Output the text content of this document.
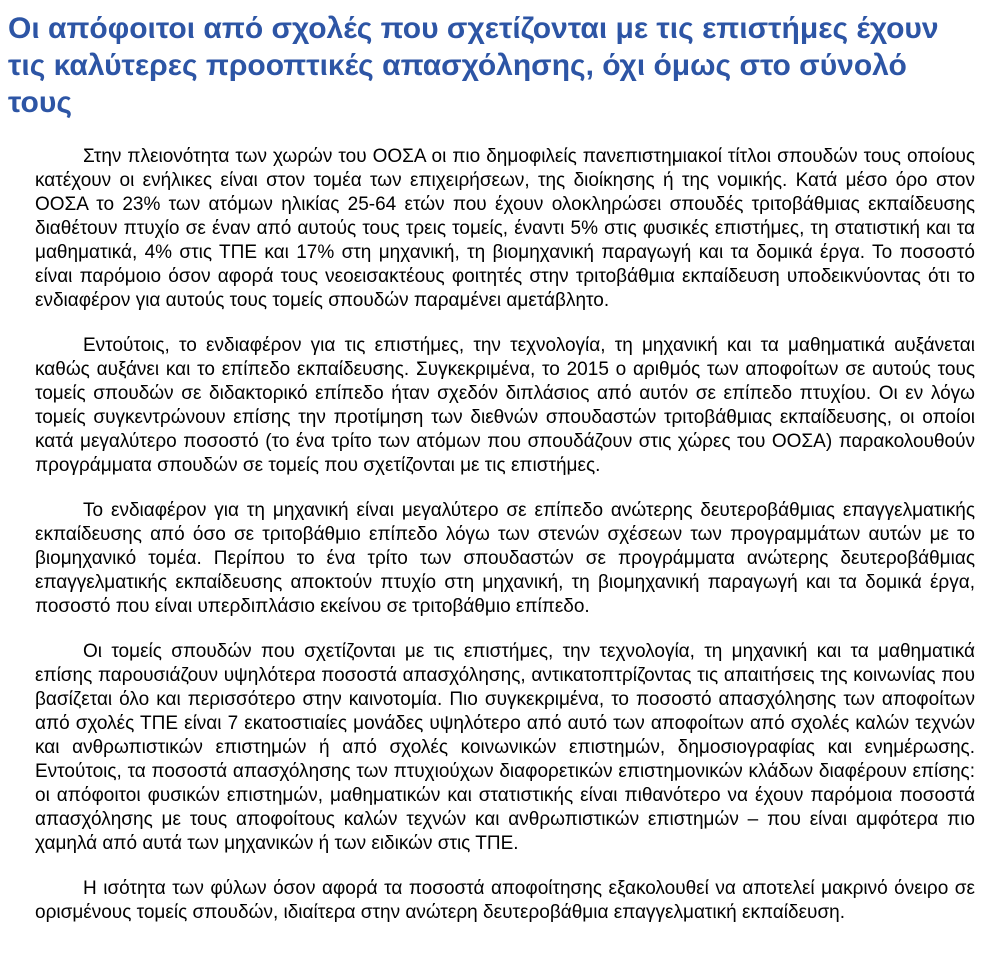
Οι απόφοιτοι από σχολές που σχετίζονται με τις επιστήμες έχουν τις καλύτερες προοπτικές απασχόλησης, όχι όμως στο σύνολό τους

Στην πλειονότητα των χωρών του ΟΟΣΑ οι πιο δημοφιλείς πανεπιστημιακοί τίτλοι σπουδών τους οποίους κατέχουν οι ενήλικες είναι στον τομέα των επιχειρήσεων, της διοίκησης ή της νομικής. Κατά μέσο όρο στον ΟΟΣΑ το 23% των ατόμων ηλικίας 25-64 ετών που έχουν ολοκληρώσει σπουδές τριτοβάθμιας εκπαίδευσης διαθέτουν πτυχίο σε έναν από αυτούς τους τρεις τομείς, έναντι 5% στις φυσικές επιστήμες, τη στατιστική και τα μαθηματικά, 4% στις ΤΠΕ και 17% στη μηχανική, τη βιομηχανική παραγωγή και τα δομικά έργα. Το ποσοστό είναι παρόμοιο όσον αφορά τους νεοεισακτέους φοιτητές στην τριτοβάθμια εκπαίδευση υποδεικνύοντας ότι το ενδιαφέρον για αυτούς τους τομείς σπουδών παραμένει αμετάβλητο.

Εντούτοις, το ενδιαφέρον για τις επιστήμες, την τεχνολογία, τη μηχανική και τα μαθηματικά αυξάνεται καθώς αυξάνει και το επίπεδο εκπαίδευσης. Συγκεκριμένα, το 2015 ο αριθμός των αποφοίτων σε αυτούς τους τομείς σπουδών σε διδακτορικό επίπεδο ήταν σχεδόν διπλάσιος από αυτόν σε επίπεδο πτυχίου. Οι εν λόγω τομείς συγκεντρώνουν επίσης την προτίμηση των διεθνών σπουδαστών τριτοβάθμιας εκπαίδευσης, οι οποίοι κατά μεγαλύτερο ποσοστό (το ένα τρίτο των ατόμων που σπουδάζουν στις χώρες του ΟΟΣΑ) παρακολουθούν προγράμματα σπουδών σε τομείς που σχετίζονται με τις επιστήμες.

Το ενδιαφέρον για τη μηχανική είναι μεγαλύτερο σε επίπεδο ανώτερης δευτεροβάθμιας επαγγελματικής εκπαίδευσης από όσο σε τριτοβάθμιο επίπεδο λόγω των στενών σχέσεων των προγραμμάτων αυτών με το βιομηχανικό τομέα. Περίπου το ένα τρίτο των σπουδαστών σε προγράμματα ανώτερης δευτεροβάθμιας επαγγελματικής εκπαίδευσης αποκτούν πτυχίο στη μηχανική, τη βιομηχανική παραγωγή και τα δομικά έργα, ποσοστό που είναι υπερδιπλάσιο εκείνου σε τριτοβάθμιο επίπεδο.

Οι τομείς σπουδών που σχετίζονται με τις επιστήμες, την τεχνολογία, τη μηχανική και τα μαθηματικά επίσης παρουσιάζουν υψηλότερα ποσοστά απασχόλησης, αντικατοπτρίζοντας τις απαιτήσεις της κοινωνίας που βασίζεται όλο και περισσότερο στην καινοτομία. Πιο συγκεκριμένα, το ποσοστό απασχόλησης των αποφοίτων από σχολές ΤΠΕ είναι 7 εκατοστιαίες μονάδες υψηλότερο από αυτό των αποφοίτων από σχολές καλών τεχνών και ανθρωπιστικών επιστημών ή από σχολές κοινωνικών επιστημών, δημοσιογραφίας και ενημέρωσης. Εντούτοις, τα ποσοστά απασχόλησης των πτυχιούχων διαφορετικών επιστημονικών κλάδων διαφέρουν επίσης: οι απόφοιτοι φυσικών επιστημών, μαθηματικών και στατιστικής είναι πιθανότερο να έχουν παρόμοια ποσοστά απασχόλησης με τους αποφοίτους καλών τεχνών και ανθρωπιστικών επιστημών – που είναι αμφότερα πιο χαμηλά από αυτά των μηχανικών ή των ειδικών στις ΤΠΕ.

Η ισότητα των φύλων όσον αφορά τα ποσοστά αποφοίτησης εξακολουθεί να αποτελεί μακρινό όνειρο σε ορισμένους τομείς σπουδών, ιδιαίτερα στην ανώτερη δευτεροβάθμια επαγγελματική εκπαίδευση.
